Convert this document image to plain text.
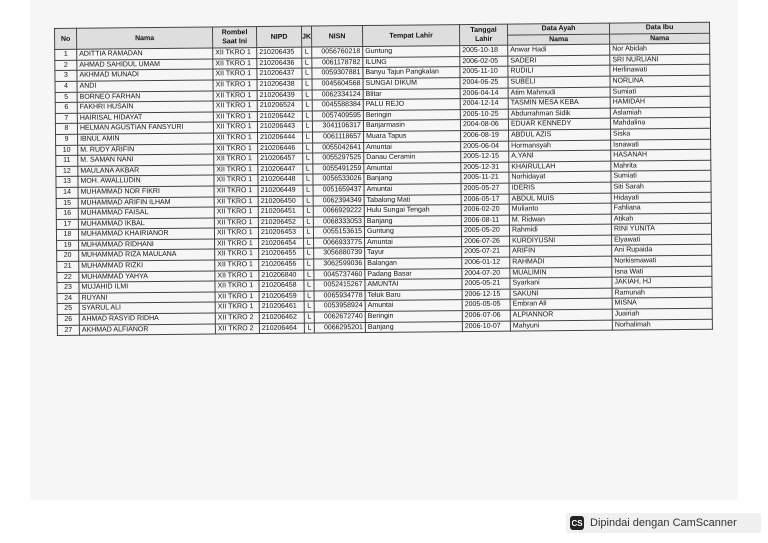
No	Nama	Rombel Saat Ini	NIPD	JK	NISN	Tempat Lahir	Tanggal Lahir	Data Ayah	Data Ibu
								Nama	Nama
1	ADITTIA RAMADAN	XII TKRO 1	210206435	L	0056760218	Guntung	2005-10-18	Anwar Hadi	Nor Abidah
2	AHMAD SAHIDUL UMAM	XII TKRO 1	210206436	L	0061178782	ILUNG	2006-02-05	SADERI	SRI NURLIANI
3	AKHMAD MUNADI	XII TKRO 1	210206437	L	0059307881	Banyu Tajun Pangkalan	2005-11-10	RUDILI	Herlinawati
4	ANDI	XII TKRO 1	210206438	L	0045604568	SUNGAI DIKUM	2004-06-25	SUBELI	NORLINA
5	BORNEO FARHAN	XII TKRO 1	210206439	L	0062334124	Blitar	2006-04-14	Atim Mahmudi	Sumiati
6	FAKHRI HUSAIN	XII TKRO 1	210206524	L	0045588384	PALU REJO	2004-12-14	TASMIN MESA KEBA	HAMIDAH
7	HAIRISAL HIDAYAT	XII TKRO 1	210206442	L	0057409595	Beringin	2005-10-25	Abdurrahman Sidik	Aslamiah
8	HELMAN AGUSTIAN FANSYURI	XII TKRO 1	210206443	L	3041106317	Banjarmasin	2004-08-06	EDUAR KENNEDY	Mahdalina
9	IBNUL AMIN	XII TKRO 1	210206444	L	0061118657	Muara Tapus	2006-08-19	ABDUL AZIS	Siska
10	M. RUDY ARIFIN	XII TKRO 1	210206446	L	0055042641	Amuntai	2005-06-04	Hormansyah	Isnawati
11	M. SAMAN NANI	XII TKRO 1	210206457	L	0055297525	Danau Ceramin	2005-12-15	A.YANI	HASANAH
12	MAULANA AKBAR	XII TKRO 1	210206447	L	0055491259	Amuntai	2005-12-31	KHAIRULLAH	Mahrita
13	MOH. AWALLUDIN	XII TKRO 1	210206448	L	0056533026	Banjang	2005-11-21	Norhidayat	Sumiati
14	MUHAMMAD NOR FIKRI	XII TKRO 1	210206449	L	0051659437	Amuntai	2005-05-27	IDERIS	Siti Sarah
15	MUHAMMAD ARIFIN ILHAM	XII TKRO 1	210206450	L	0062394349	Tabalong Mati	2006-05-17	ABDUL MUIS	Hidayati
16	MUHAMMAD FAISAL	XII TKRO 1	210206451	L	0066929222	Hulu Sungai Tengah	2006-02-20	Mulianto	Fahliana
17	MUHAMMAD IKBAL	XII TKRO 1	210206452	L	0068333053	Banjang	2006-08-11	M. Ridwan	Atikah
18	MUHAMMAD KHAIRIANOR	XII TKRO 1	210206453	L	0055153615	Guntung	2005-05-20	Rahmidi	RINI YUNITA
19	MUHAMMAD RIDHANI	XII TKRO 1	210206454	L	0066933775	Amuntai	2006-07-26	KURDIYUSNI	Elyawati
20	MUHAMMAD RIZA MAULANA	XII TKRO 1	210206455	L	3056880739	Tayur	2005-07-21	ARIFIN	Ani Rupaida
21	MUHAMMAD RIZKI	XII TKRO 1	210206456	L	3062599036	Balangan	2006-01-12	RAHMADI	Norkismawati
22	MUHAMMAD YAHYA	XII TKRO 1	210206840	L	0045737460	Padang Basar	2004-07-20	MUALIMIN	Isna Wati
23	MUJAHID ILMI	XII TKRO 1	210206458	L	0052415267	AMUNTAI	2005-05-21	Syarkani	JAKIAH, HJ
24	RUYANI	XII TKRO 1	210206459	L	0065934778	Teluk Baru	2006-12-15	SAKUNI	Ramunah
25	SYARUL ALI	XII TKRO 1	210206461	L	0053958924	Amuntai	2005-05-05	Embran Ali	MISNA
26	AHMAD RASYID RIDHA	XII TKRO 2	210206462	L	0062672740	Beringin	2006-07-06	ALPIANNOR	Juairiah
27	AKHMAD ALFIANOR	XII TKRO 2	210206464	L	0066295201	Banjang	2006-10-07	Mahyuni	Norhalimah
CS Dipindai dengan CamScanner
